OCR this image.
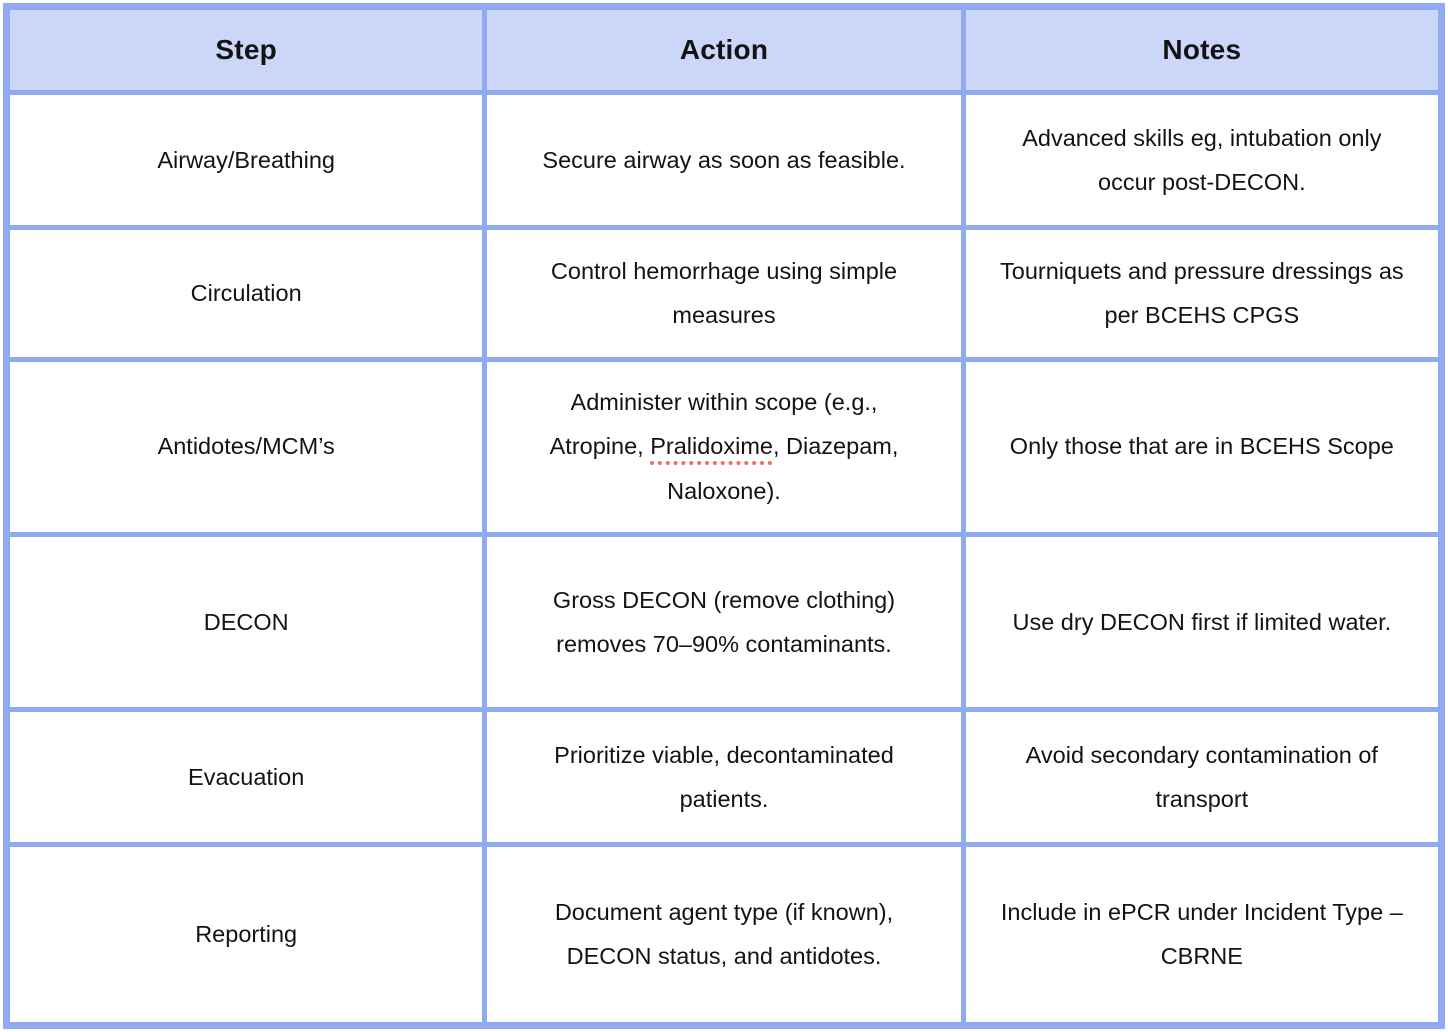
Step	Action	Notes
Airway/Breathing	Secure airway as soon as feasible.	Advanced skills eg, intubation only occur post-DECON.
Circulation	Control hemorrhage using simple measures	Tourniquets and pressure dressings as per BCEHS CPGS
Antidotes/MCM’s	Administer within scope (e.g., Atropine, Pralidoxime, Diazepam, Naloxone).	Only those that are in BCEHS Scope
DECON	Gross DECON (remove clothing) removes 70–90% contaminants.	Use dry DECON first if limited water.
Evacuation	Prioritize viable, decontaminated patients.	Avoid secondary contamination of transport
Reporting	Document agent type (if known), DECON status, and antidotes.	Include in ePCR under Incident Type – CBRNE
